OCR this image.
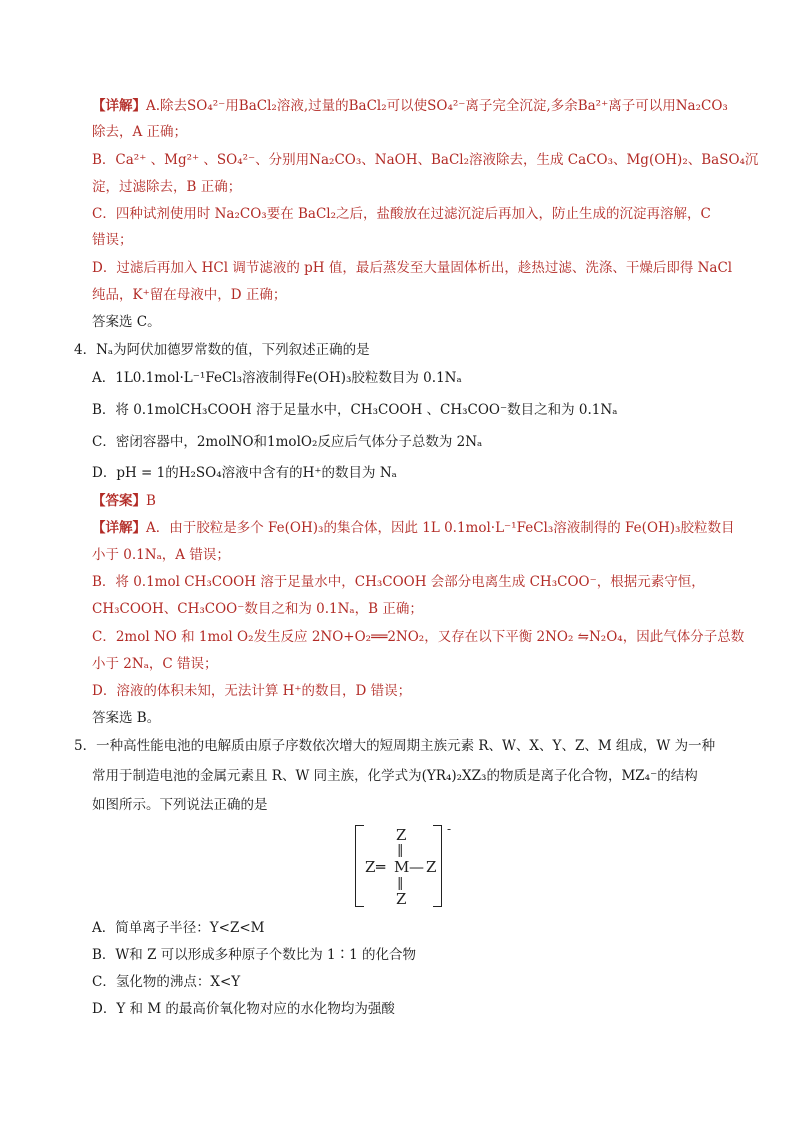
【详解】A.除去SO₄²⁻用BaCl₂溶液,过量的BaCl₂可以使SO₄²⁻离子完全沉淀,多余Ba²⁺离子可以用Na₂CO₃
除去，A 正确；
B．Ca²⁺ 、Mg²⁺ 、SO₄²⁻、分别用Na₂CO₃、NaOH、BaCl₂溶液除去，生成 CaCO₃、Mg(OH)₂、BaSO₄沉
淀，过滤除去，B 正确；
C．四种试剂使用时 Na₂CO₃要在 BaCl₂之后，盐酸放在过滤沉淀后再加入，防止生成的沉淀再溶解，C
错误；
D．过滤后再加入 HCl 调节滤液的 pH 值，最后蒸发至大量固体析出，趁热过滤、洗涤、干燥后即得 NaCl
纯品，K⁺留在母液中，D 正确；
答案选 C。
4．Nₐ为阿伏加德罗常数的值，下列叙述正确的是
A．1L0.1mol·L⁻¹FeCl₃溶液制得Fe(OH)₃胶粒数目为 0.1Nₐ
B．将 0.1molCH₃COOH 溶于足量水中，CH₃COOH 、CH₃COO⁻数目之和为 0.1Nₐ
C．密闭容器中，2molNO和1molO₂反应后气体分子总数为 2Nₐ
D．pH = 1的H₂SO₄溶液中含有的H⁺的数目为 Nₐ
【答案】B
【详解】A．由于胶粒是多个 Fe(OH)₃的集合体，因此 1L 0.1mol·L⁻¹FeCl₃溶液制得的 Fe(OH)₃胶粒数目
小于 0.1Nₐ，A 错误；
B．将 0.1mol CH₃COOH 溶于足量水中，CH₃COOH 会部分电离生成 CH₃COO⁻，根据元素守恒，
CH₃COOH、CH₃COO⁻数目之和为 0.1Nₐ，B 正确；
C．2mol NO 和 1mol O₂发生反应 2NO+O₂══2NO₂，又存在以下平衡 2NO₂ ⇋N₂O₄，因此气体分子总数
小于 2Nₐ，C 错误；
D．溶液的体积未知，无法计算 H⁺的数目，D 错误；
答案选 B。
5．一种高性能电池的电解质由原子序数依次增大的短周期主族元素 R、W、X、Y、Z、M 组成，W 为一种
常用于制造电池的金属元素且 R、W 同主族，化学式为(YR₄)₂XZ₃的物质是离子化合物，MZ₄⁻的结构
如图所示。下列说法正确的是
-
Z
‖
Z ═ M — Z
‖
Z
A．简单离子半径：Y<Z<M
B．W和 Z 可以形成多种原子个数比为 1∶1 的化合物
C．氢化物的沸点：X<Y
D．Y 和 M 的最高价氧化物对应的水化物均为强酸
